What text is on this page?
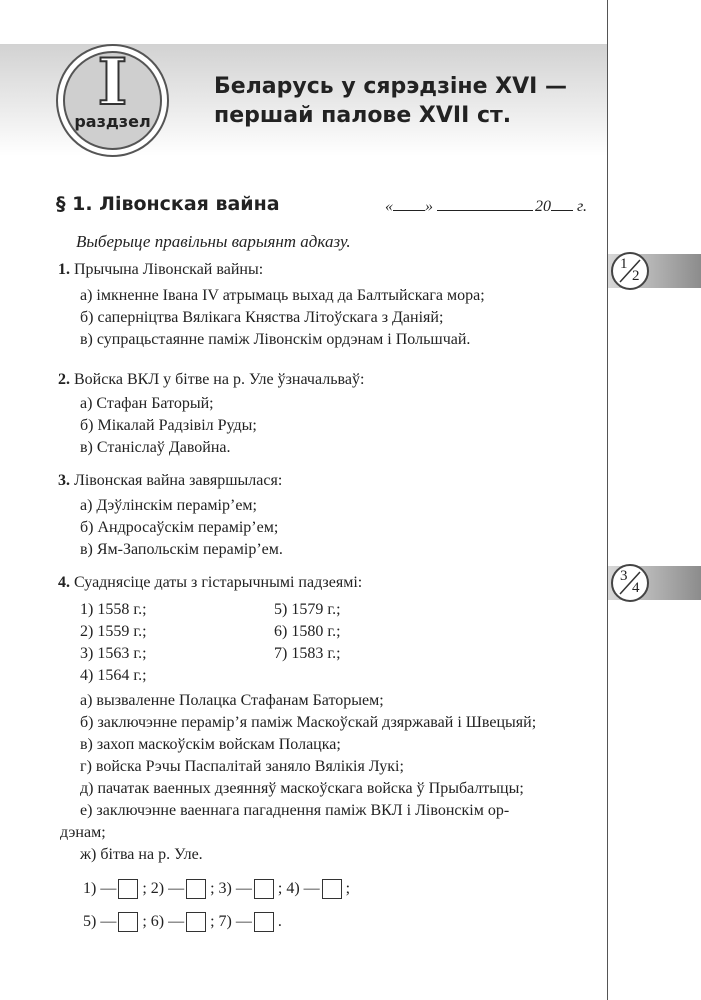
I
раздзел
Беларусь у сярэдзіне XVI —
першай палове XVII ст.
§ 1. Лівонская вайна	« »	20 г.
Выберыце правільны варыянт адказу.
1
2
3
4
1. Прычына Лівонскай вайны:
а) імкненне Івана IV атрымаць выхад да Балтыйскага мора;
б) саперніцтва Вялікага Княства Літоўскага з Даніяй;
в) супрацьстаянне паміж Лівонскім ордэнам і Польшчай.
2. Войска ВКЛ у бітве на р. Уле ўзначальваў:
а) Стафан Баторый;
б) Мікалай Радзівіл Руды;
в) Станіслаў Давойна.
3. Лівонская вайна завяршылася:
а) Дэўлінскім перамір’ем;
б) Андросаўскім перамір’ем;
в) Ям-Запольскім перамір’ем.
4. Суаднясіце даты з гістарычнымі падзеямі:
1) 1558 г.;
2) 1559 г.;
3) 1563 г.;
4) 1564 г.;
5) 1579 г.;
6) 1580 г.;
7) 1583 г.;
а) вызваленне Полацка Стафанам Баторыем;
б) заключэнне перамір’я паміж Маскоўскай дзяржавай і Швецыяй;
в) захоп маскоўскім войскам Полацка;
г) войска Рэчы Паспалітай заняло Вялікія Лукі;
д) пачатак ваенных дзеянняў маскоўскага войска ў Прыбалтыцы;
е) заключэнне ваеннага пагаднення паміж ВКЛ і Лівонскім ор-
дэнам;
ж) бітва на р. Уле.
1) — ; 2) — ; 3) — ; 4) — ;
5) — ; 6) — ; 7) — .
